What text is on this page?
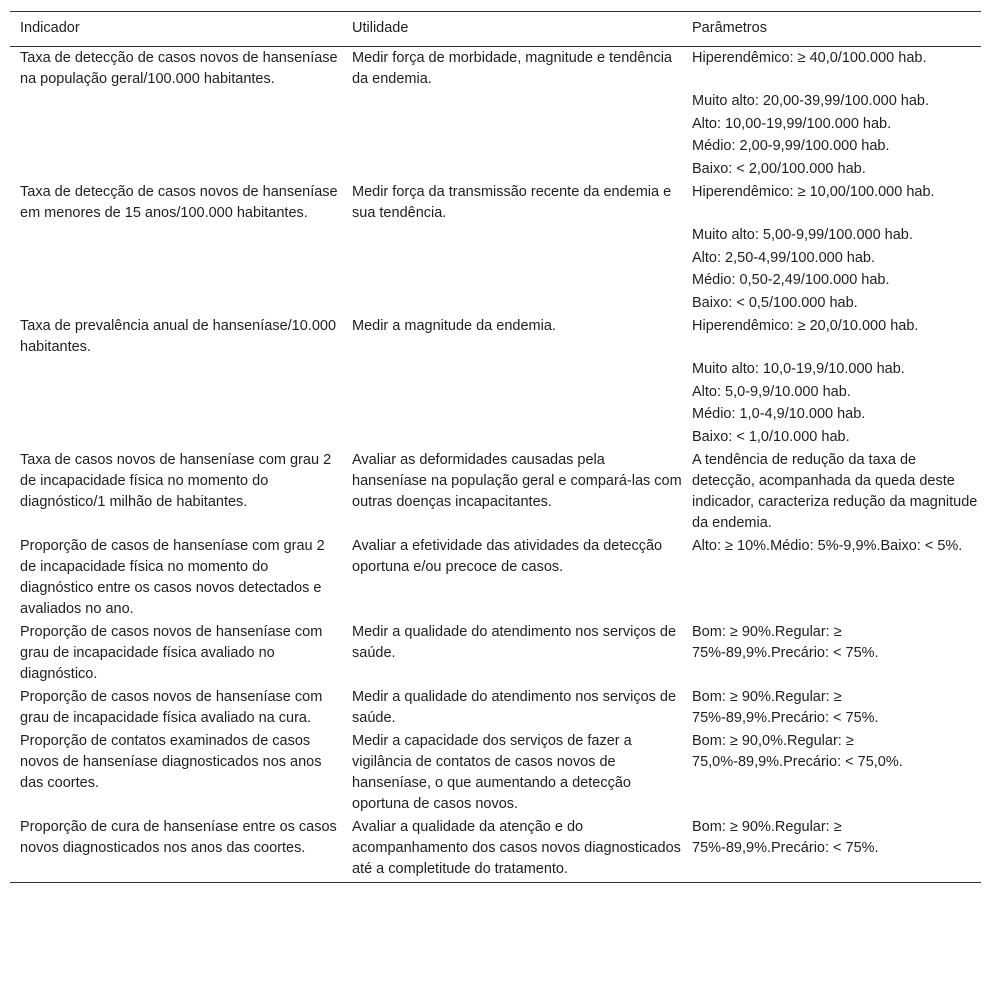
Indicador	Utilidade	Parâmetros
Taxa de detecção de casos novos de hanseníase na população geral/100.000 habitantes.	Medir força de morbidade, magnitude e tendência da endemia.	Hiperendêmico: ≥ 40,0/100.000 hab.

Muito alto: 20,00-39,99/100.000 hab.

Alto: 10,00-19,99/100.000 hab.

Médio: 2,00-9,99/100.000 hab.

Baixo: < 2,00/100.000 hab.

Taxa de detecção de casos novos de hanseníase em menores de 15 anos/100.000 habitantes.	Medir força da transmissão recente da endemia e sua tendência.	Hiperendêmico: ≥ 10,00/100.000 hab.

Muito alto: 5,00-9,99/100.000 hab.

Alto: 2,50-4,99/100.000 hab.

Médio: 0,50-2,49/100.000 hab.

Baixo: < 0,5/100.000 hab.

Taxa de prevalência anual de hanseníase/10.000 habitantes.	Medir a magnitude da endemia.	Hiperendêmico: ≥ 20,0/10.000 hab.

Muito alto: 10,0-19,9/10.000 hab.

Alto: 5,0-9,9/10.000 hab.

Médio: 1,0-4,9/10.000 hab.

Baixo: < 1,0/10.000 hab.

Taxa de casos novos de hanseníase com grau 2 de incapacidade física no momento do diagnóstico/1 milhão de habitantes.	Avaliar as deformidades causadas pela hanseníase na população geral e compará-las com outras doenças incapacitantes.	A tendência de redução da taxa de detecção, acompanhada da queda deste indicador, caracteriza redução da magnitude da endemia.

Proporção de casos de hanseníase com grau 2 de incapacidade física no momento do diagnóstico entre os casos novos detectados e avaliados no ano.	Avaliar a efetividade das atividades da detecção oportuna e/ou precoce de casos.	Alto: ≥ 10%.Médio: 5%-9,9%.Baixo: < 5%.

Proporção de casos novos de hanseníase com grau de incapacidade física avaliado no diagnóstico.	Medir a qualidade do atendimento nos serviços de saúde.	Bom: ≥ 90%.Regular: ≥ 75%-89,9%.Precário: < 75%.

Proporção de casos novos de hanseníase com grau de incapacidade física avaliado na cura.	Medir a qualidade do atendimento nos serviços de saúde.	Bom: ≥ 90%.Regular: ≥ 75%-89,9%.Precário: < 75%.

Proporção de contatos examinados de casos novos de hanseníase diagnosticados nos anos das coortes.	Medir a capacidade dos serviços de fazer a vigilância de contatos de casos novos de hanseníase, o que aumentando a detecção oportuna de casos novos.	Bom: ≥ 90,0%.Regular: ≥ 75,0%-89,9%.Precário: < 75,0%.

Proporção de cura de hanseníase entre os casos novos diagnosticados nos anos das coortes.	Avaliar a qualidade da atenção e do acompanhamento dos casos novos diagnosticados até a completitude do tratamento.	Bom: ≥ 90%.Regular: ≥ 75%-89,9%.Precário: < 75%.
